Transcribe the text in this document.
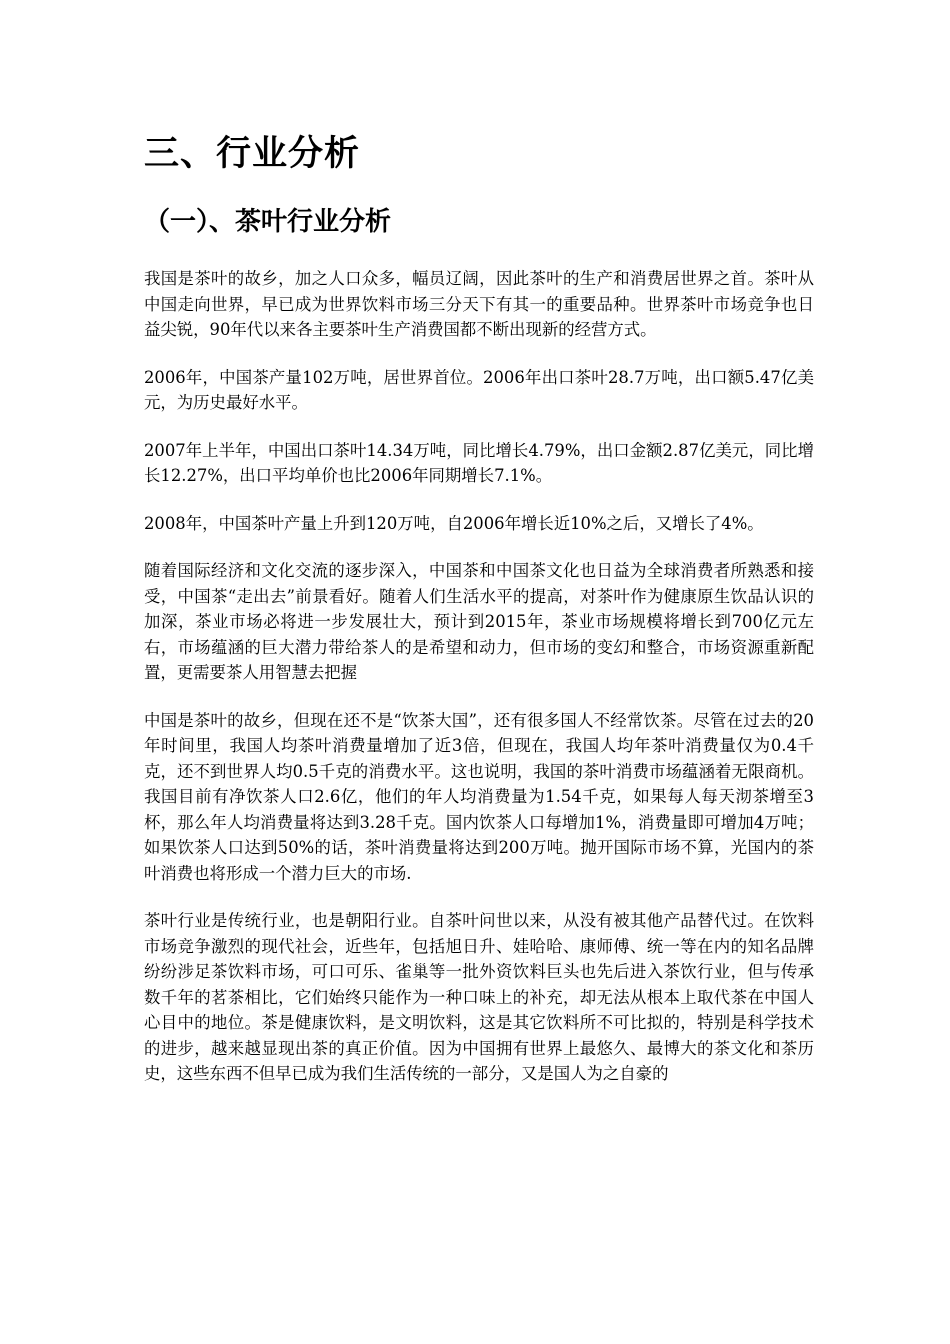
三、行业分析
（一）、茶叶行业分析

我国是茶叶的故乡，加之人口众多，幅员辽阔，因此茶叶的生产和消费居世界之首。茶叶从中国走向世界，早已成为世界饮料市场三分天下有其一的重要品种。世界茶叶市场竞争也日益尖锐，90年代以来各主要茶叶生产消费国都不断出现新的经营方式。

2006年，中国茶产量102万吨，居世界首位。2006年出口茶叶28.7万吨，出口额5.47亿美元，为历史最好水平。

2007年上半年，中国出口茶叶14.34万吨，同比增长4.79%，出口金额2.87亿美元，同比增长12.27%，出口平均单价也比2006年同期增长7.1%。

2008年，中国茶叶产量上升到120万吨，自2006年增长近10%之后，又增长了4%。

随着国际经济和文化交流的逐步深入，中国茶和中国茶文化也日益为全球消费者所熟悉和接受，中国茶“走出去”前景看好。随着人们生活水平的提高，对茶叶作为健康原生饮品认识的加深，茶业市场必将进一步发展壮大，预计到2015年，茶业市场规模将增长到700亿元左右，市场蕴涵的巨大潜力带给茶人的是希望和动力，但市场的变幻和整合，市场资源重新配置，更需要茶人用智慧去把握

中国是茶叶的故乡，但现在还不是“饮茶大国”，还有很多国人不经常饮茶。尽管在过去的20年时间里，我国人均茶叶消费量增加了近3倍，但现在，我国人均年茶叶消费量仅为0.4千克，还不到世界人均0.5千克的消费水平。这也说明，我国的茶叶消费市场蕴涵着无限商机。我国目前有净饮茶人口2.6亿，他们的年人均消费量为1.54千克，如果每人每天沏茶增至3杯，那么年人均消费量将达到3.28千克。国内饮茶人口每增加1%，消费量即可增加4万吨；如果饮茶人口达到50%的话，茶叶消费量将达到200万吨。抛开国际市场不算，光国内的茶叶消费也将形成一个潜力巨大的市场.

茶叶行业是传统行业，也是朝阳行业。自茶叶问世以来，从没有被其他产品替代过。在饮料市场竞争激烈的现代社会，近些年，包括旭日升、娃哈哈、康师傅、统一等在内的知名品牌纷纷涉足茶饮料市场，可口可乐、雀巢等一批外资饮料巨头也先后进入茶饮行业，但与传承数千年的茗茶相比，它们始终只能作为一种口味上的补充，却无法从根本上取代茶在中国人心目中的地位。茶是健康饮料，是文明饮料，这是其它饮料所不可比拟的，特别是科学技术的进步，越来越显现出茶的真正价值。因为中国拥有世界上最悠久、最博大的茶文化和茶历史，这些东西不但早已成为我们生活传统的一部分，又是国人为之自豪的
